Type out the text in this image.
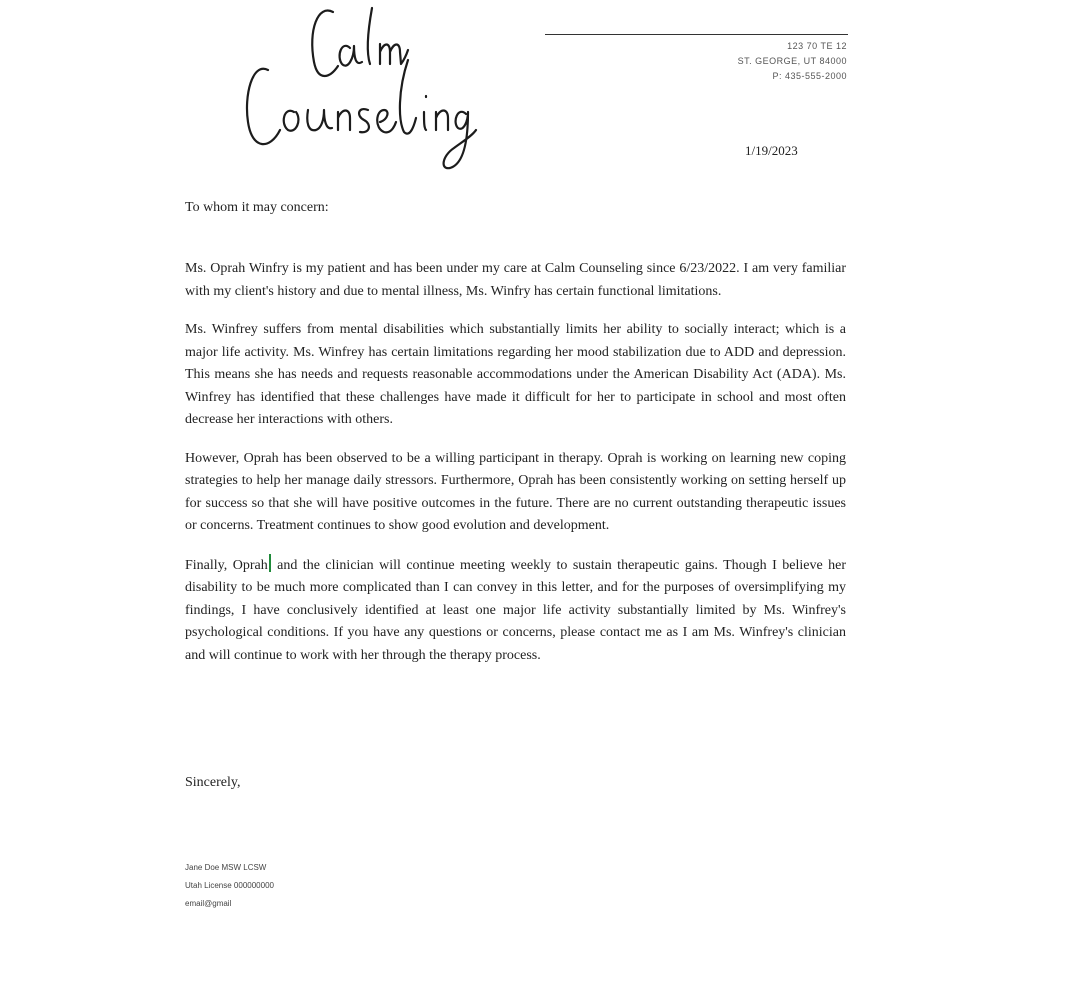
123 70 TE 12
ST. GEORGE, UT 84000
P: 435-555-2000
1/19/2023
To whom it may concern:

Ms. Oprah Winfry is my patient and has been under my care at Calm Counseling since 6/23/2022. I am very familiar with my client's history and due to mental illness, Ms. Winfry has certain functional limitations.

Ms. Winfrey suffers from mental disabilities which substantially limits her ability to socially interact; which is a major life activity. Ms. Winfrey has certain limitations regarding her mood stabilization due to ADD and depression. This means she has needs and requests reasonable accommodations under the American Disability Act (ADA). Ms. Winfrey has identified that these challenges have made it difficult for her to participate in school and most often decrease her interactions with others.

However, Oprah has been observed to be a willing participant in therapy. Oprah is working on learning new coping strategies to help her manage daily stressors. Furthermore, Oprah has been consistently working on setting herself up for success so that she will have positive outcomes in the future. There are no current outstanding therapeutic issues or concerns. Treatment continues to show good evolution and development.

Finally, Oprah and the clinician will continue meeting weekly to sustain therapeutic gains. Though I believe her disability to be much more complicated than I can convey in this letter, and for the purposes of oversimplifying my findings, I have conclusively identified at least one major life activity substantially limited by Ms. Winfrey's psychological conditions. If you have any questions or concerns, please contact me as I am Ms. Winfrey's clinician and will continue to work with her through the therapy process.

Sincerely,
Jane Doe MSW LCSW
Utah License 000000000
email@gmail
